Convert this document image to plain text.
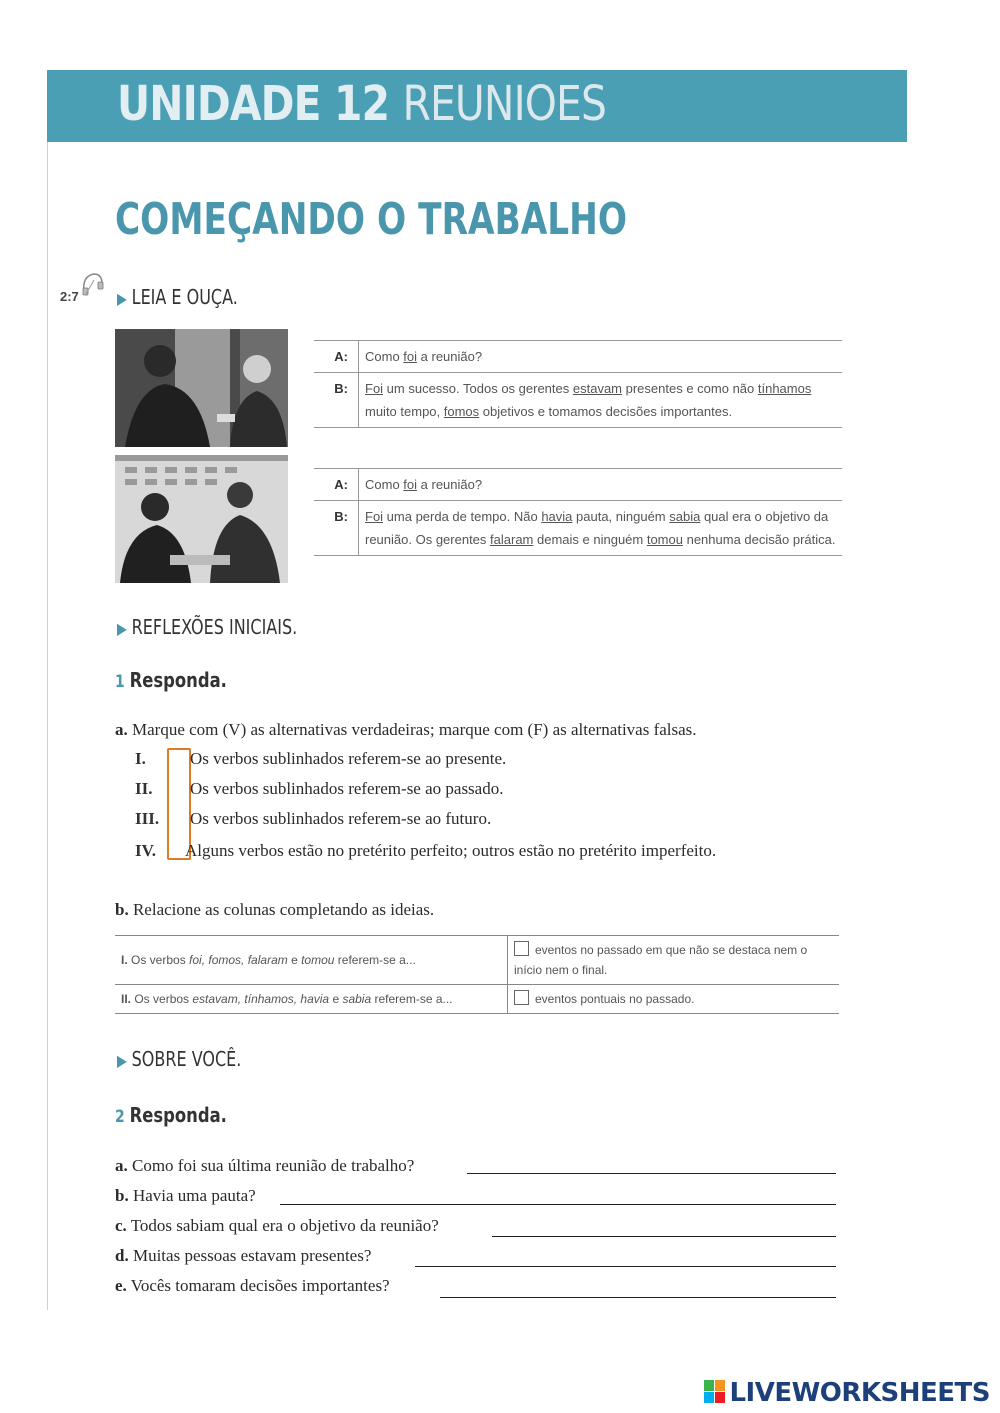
UNIDADE 12 REUNIOES
COMEÇANDO O TRABALHO
2:7 ▶ LEIA E OUÇA.
A:	Como foi a reunião?
B:	Foi um sucesso. Todos os gerentes estavam presentes e como não tínhamos muito tempo, fomos objetivos e tomamos decisões importantes.
A:	Como foi a reunião?
B:	Foi uma perda de tempo. Não havia pauta, ninguém sabia qual era o objetivo da reunião. Os gerentes falaram demais e ninguém tomou nenhuma decisão prática.
▶ REFLEXÕES INICIAIS.
1 Responda.
a. Marque com (V) as alternativas verdadeiras; marque com (F) as alternativas falsas.
I.
II.
III.
IV.
Os verbos sublinhados referem-se ao presente.
Os verbos sublinhados referem-se ao passado.
Os verbos sublinhados referem-se ao futuro.
Alguns verbos estão no pretérito perfeito; outros estão no pretérito imperfeito.
b. Relacione as colunas completando as ideias.
I. Os verbos foi, fomos, falaram e tomou referem-se a...	eventos no passado em que não se destaca nem o início nem o final.
II. Os verbos estavam, tínhamos, havia e sabia referem-se a...	eventos pontuais no passado.
▶ SOBRE VOCÊ.
2 Responda.
a. Como foi sua última reunião de trabalho?
b. Havia uma pauta?
c. Todos sabiam qual era o objetivo da reunião?
d. Muitas pessoas estavam presentes?
e. Vocês tomaram decisões importantes?
LIVEWORKSHEETS
